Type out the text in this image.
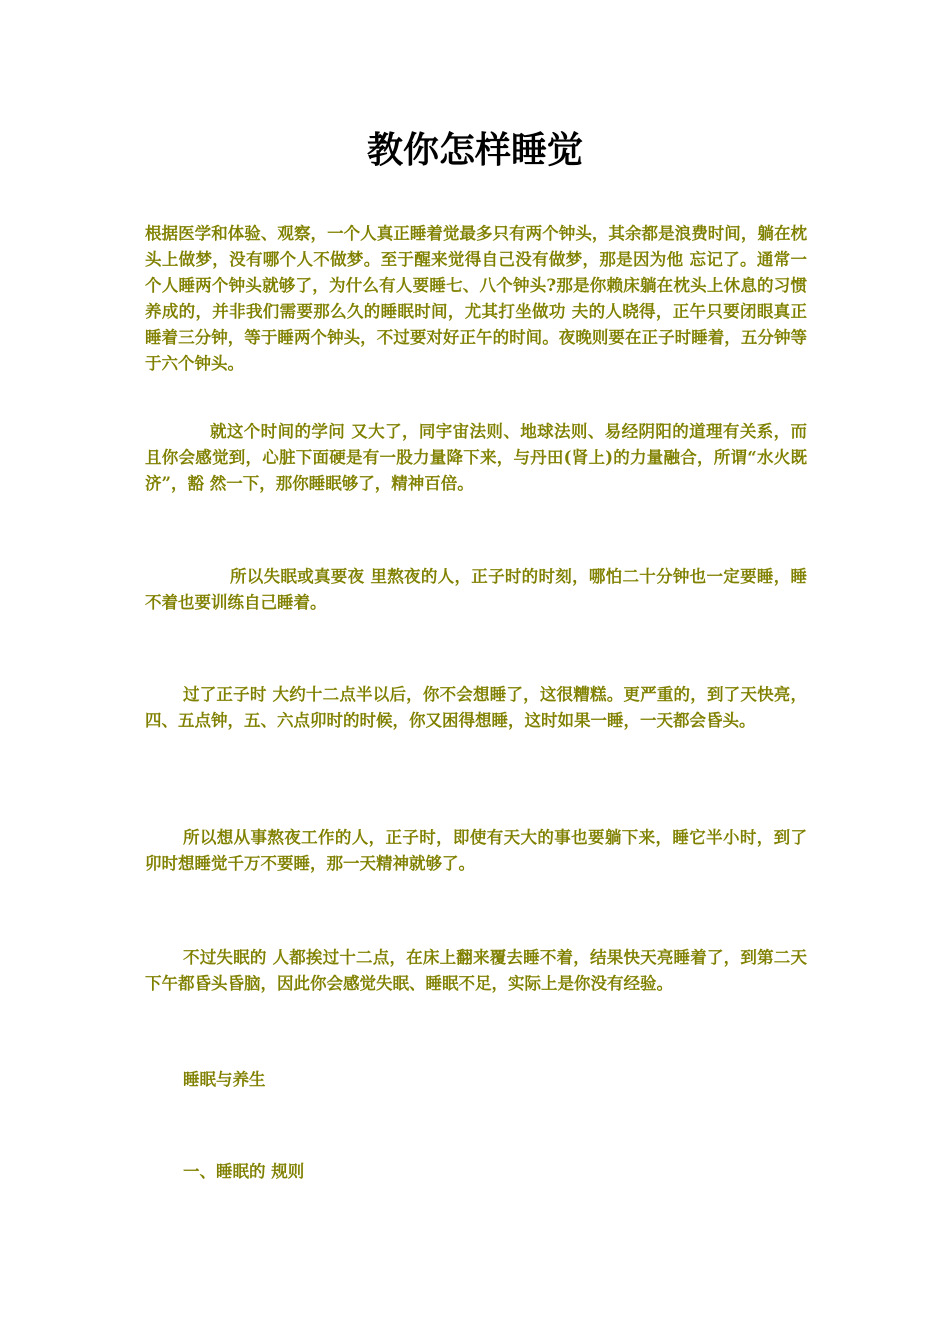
教你怎样睡觉

根据医学和体验、观察，一个人真正睡着觉最多只有两个钟头，其余都是浪费时间，躺在枕头上做梦，没有哪个人不做梦。至于醒来觉得自己没有做梦，那是因为他 忘记了。通常一个人睡两个钟头就够了，为什么有人要睡七、八个钟头?那是你赖床躺在枕头上休息的习惯养成的，并非我们需要那么久的睡眠时间，尤其打坐做功 夫的人晓得，正午只要闭眼真正睡着三分钟，等于睡两个钟头，不过要对好正午的时间。夜晚则要在正子时睡着，五分钟等于六个钟头。

就这个时间的学问 又大了，同宇宙法则、地球法则、易经阴阳的道理有关系，而且你会感觉到，心脏下面硬是有一股力量降下来，与丹田(肾上)的力量融合，所谓“水火既济”，豁 然一下，那你睡眠够了，精神百倍。

所以失眠或真要夜 里熬夜的人，正子时的时刻，哪怕二十分钟也一定要睡，睡不着也要训练自己睡着。

过了正子时 大约十二点半以后，你不会想睡了，这很糟糕。更严重的，到了天快亮，四、五点钟，五、六点卯时的时候，你又困得想睡，这时如果一睡，一天都会昏头。

所以想从事熬夜工作的人，正子时，即使有天大的事也要躺下来，睡它半小时，到了卯时想睡觉千万不要睡，那一天精神就够了。

不过失眠的 人都挨过十二点，在床上翻来覆去睡不着，结果快天亮睡着了，到第二天下午都昏头昏脑，因此你会感觉失眠、睡眠不足，实际上是你没有经验。

睡眠与养生

一、睡眠的 规则
